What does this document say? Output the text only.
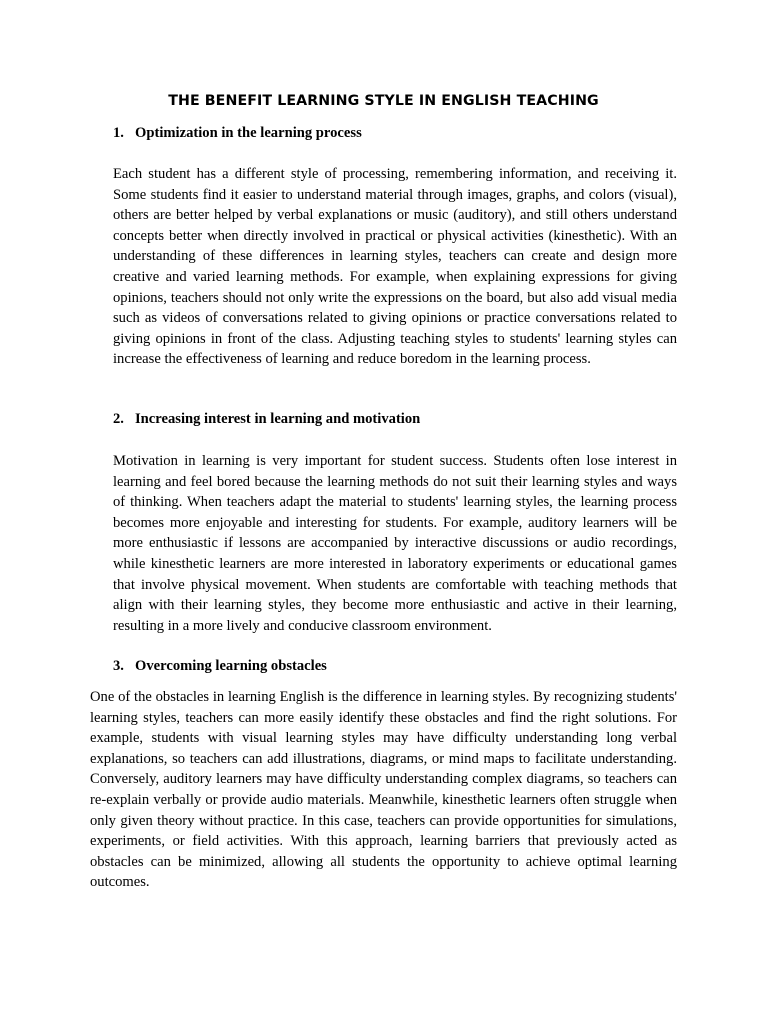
THE BENEFIT LEARNING STYLE IN ENGLISH TEACHING
1. Optimization in the learning process

Each student has a different style of processing, remembering information, and receiving it. Some students find it easier to understand material through images, graphs, and colors (visual), others are better helped by verbal explanations or music (auditory), and still others understand concepts better when directly involved in practical or physical activities (kinesthetic). With an understanding of these differences in learning styles, teachers can create and design more creative and varied learning methods. For example, when explaining expressions for giving opinions, teachers should not only write the expressions on the board, but also add visual media such as videos of conversations related to giving opinions or practice conversations related to giving opinions in front of the class. Adjusting teaching styles to students' learning styles can increase the effectiveness of learning and reduce boredom in the learning process.

2. Increasing interest in learning and motivation

Motivation in learning is very important for student success. Students often lose interest in learning and feel bored because the learning methods do not suit their learning styles and ways of thinking. When teachers adapt the material to students' learning styles, the learning process becomes more enjoyable and interesting for students. For example, auditory learners will be more enthusiastic if lessons are accompanied by interactive discussions or audio recordings, while kinesthetic learners are more interested in laboratory experiments or educational games that involve physical movement. When students are comfortable with teaching methods that align with their learning styles, they become more enthusiastic and active in their learning, resulting in a more lively and conducive classroom environment.

3. Overcoming learning obstacles

One of the obstacles in learning English is the difference in learning styles. By recognizing students' learning styles, teachers can more easily identify these obstacles and find the right solutions. For example, students with visual learning styles may have difficulty understanding long verbal explanations, so teachers can add illustrations, diagrams, or mind maps to facilitate understanding. Conversely, auditory learners may have difficulty understanding complex diagrams, so teachers can re-explain verbally or provide audio materials. Meanwhile, kinesthetic learners often struggle when only given theory without practice. In this case, teachers can provide opportunities for simulations, experiments, or field activities. With this approach, learning barriers that previously acted as obstacles can be minimized, allowing all students the opportunity to achieve optimal learning outcomes.
